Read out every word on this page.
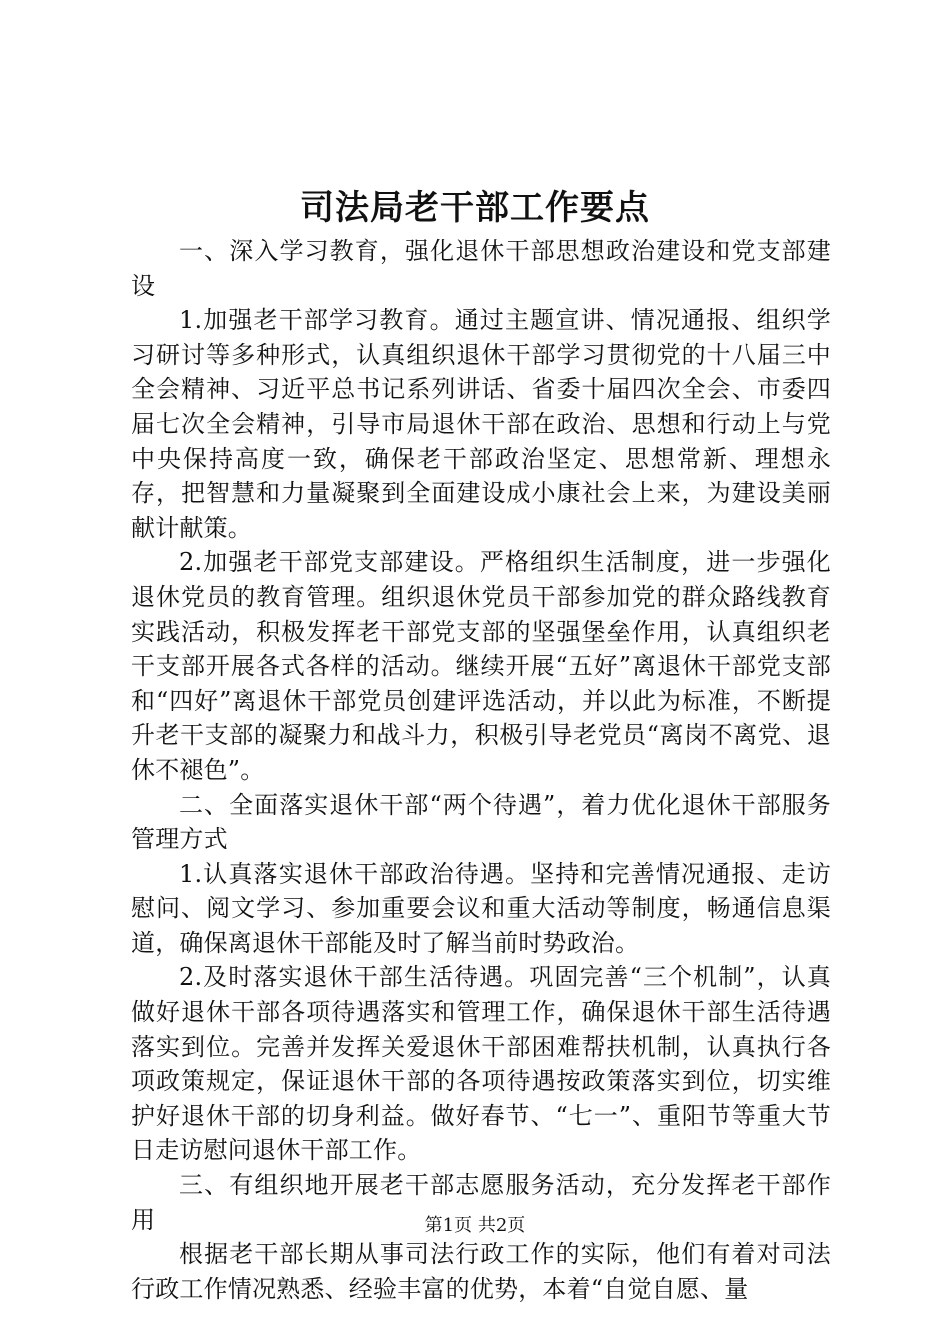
司法局老干部工作要点

一、深入学习教育，强化退休干部思想政治建设和党支部建设

1.加强老干部学习教育。通过主题宣讲、情况通报、组织学习研讨等多种形式，认真组织退休干部学习贯彻党的十八届三中全会精神、习近平总书记系列讲话、省委十届四次全会、市委四届七次全会精神，引导市局退休干部在政治、思想和行动上与党中央保持高度一致，确保老干部政治坚定、思想常新、理想永存，把智慧和力量凝聚到全面建设成小康社会上来，为建设美丽献计献策。

2.加强老干部党支部建设。严格组织生活制度，进一步强化退休党员的教育管理。组织退休党员干部参加党的群众路线教育实践活动，积极发挥老干部党支部的坚强堡垒作用，认真组织老干支部开展各式各样的活动。继续开展“五好”离退休干部党支部和“四好”离退休干部党员创建评选活动，并以此为标准，不断提升老干支部的凝聚力和战斗力，积极引导老党员“离岗不离党、退休不褪色”。

二、全面落实退休干部“两个待遇”，着力优化退休干部服务管理方式

1.认真落实退休干部政治待遇。坚持和完善情况通报、走访慰问、阅文学习、参加重要会议和重大活动等制度，畅通信息渠道，确保离退休干部能及时了解当前时势政治。

2.及时落实退休干部生活待遇。巩固完善“三个机制”，认真做好退休干部各项待遇落实和管理工作，确保退休干部生活待遇落实到位。完善并发挥关爱退休干部困难帮扶机制，认真执行各项政策规定，保证退休干部的各项待遇按政策落实到位，切实维护好退休干部的切身利益。做好春节、“七一”、重阳节等重大节日走访慰问退休干部工作。

三、有组织地开展老干部志愿服务活动，充分发挥老干部作用

根据老干部长期从事司法行政工作的实际，他们有着对司法行政工作情况熟悉、经验丰富的优势，本着“自觉自愿、量

第1页 共2页
